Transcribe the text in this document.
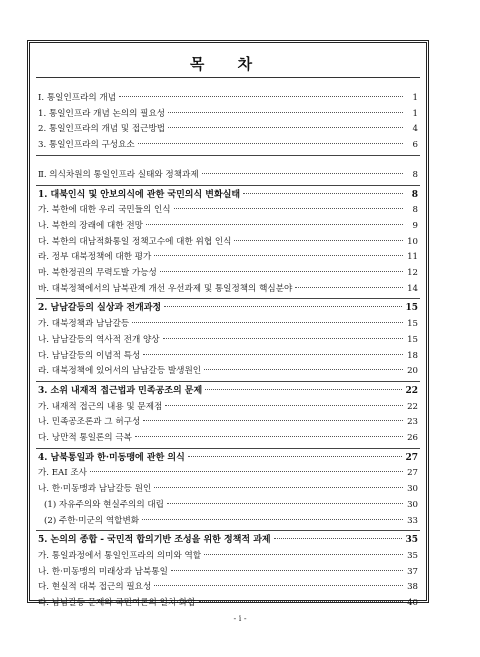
목 차
Ⅰ. 통일인프라의 개념	1
1. 통일인프라 개념 논의의 필요성	1
2. 통일인프라의 개념 및 접근방법	4
3. 통일인프라의 구성요소	6
Ⅱ. 의식차원의 통일인프라 실태와 정책과제	8
1. 대북인식 및 안보의식에 관한 국민의식 변화실태	8
가. 북한에 대한 우리 국민들의 인식	8
나. 북한의 장래에 대한 전망	9
다. 북한의 대남적화통일 정책고수에 대한 위협 인식	10
라. 정부 대북정책에 대한 평가	11
마. 북한정권의 무력도발 가능성	12
바. 대북정책에서의 남북관계 개선 우선과제 및 통일정책의 핵심분야	14
2. 남남갈등의 실상과 전개과정	15
가. 대북정책과 남남갈등	15
나. 남남갈등의 역사적 전개 양상	15
다. 남남갈등의 이념적 특성	18
라. 대북정책에 있어서의 남남갈등 발생원인	20
3. 소위 내재적 접근법과 민족공조의 문제	22
가. 내재적 접근의 내용 및 문제점	22
나. 민족공조론과 그 허구성	23
다. 낭만적 통일론의 극복	26
4. 남북통일과 한·미동맹에 관한 의식	27
가. EAI 조사	27
나. 한·미동맹과 남남갈등 원인	30
(1) 자유주의와 현실주의의 대립	30
(2) 주한·미군의 역할변화	33
5. 논의의 종합 - 국민적 합의기반 조성을 위한 정책적 과제	35
가. 통일과정에서 통일인프라의 의미와 역할	35
나. 한·미동맹의 미래상과 남북통일	37
다. 현실적 대북 접근의 필요성	38
라. 남남갈등 문제와 국민여론의 일치·화합	40
- i -
